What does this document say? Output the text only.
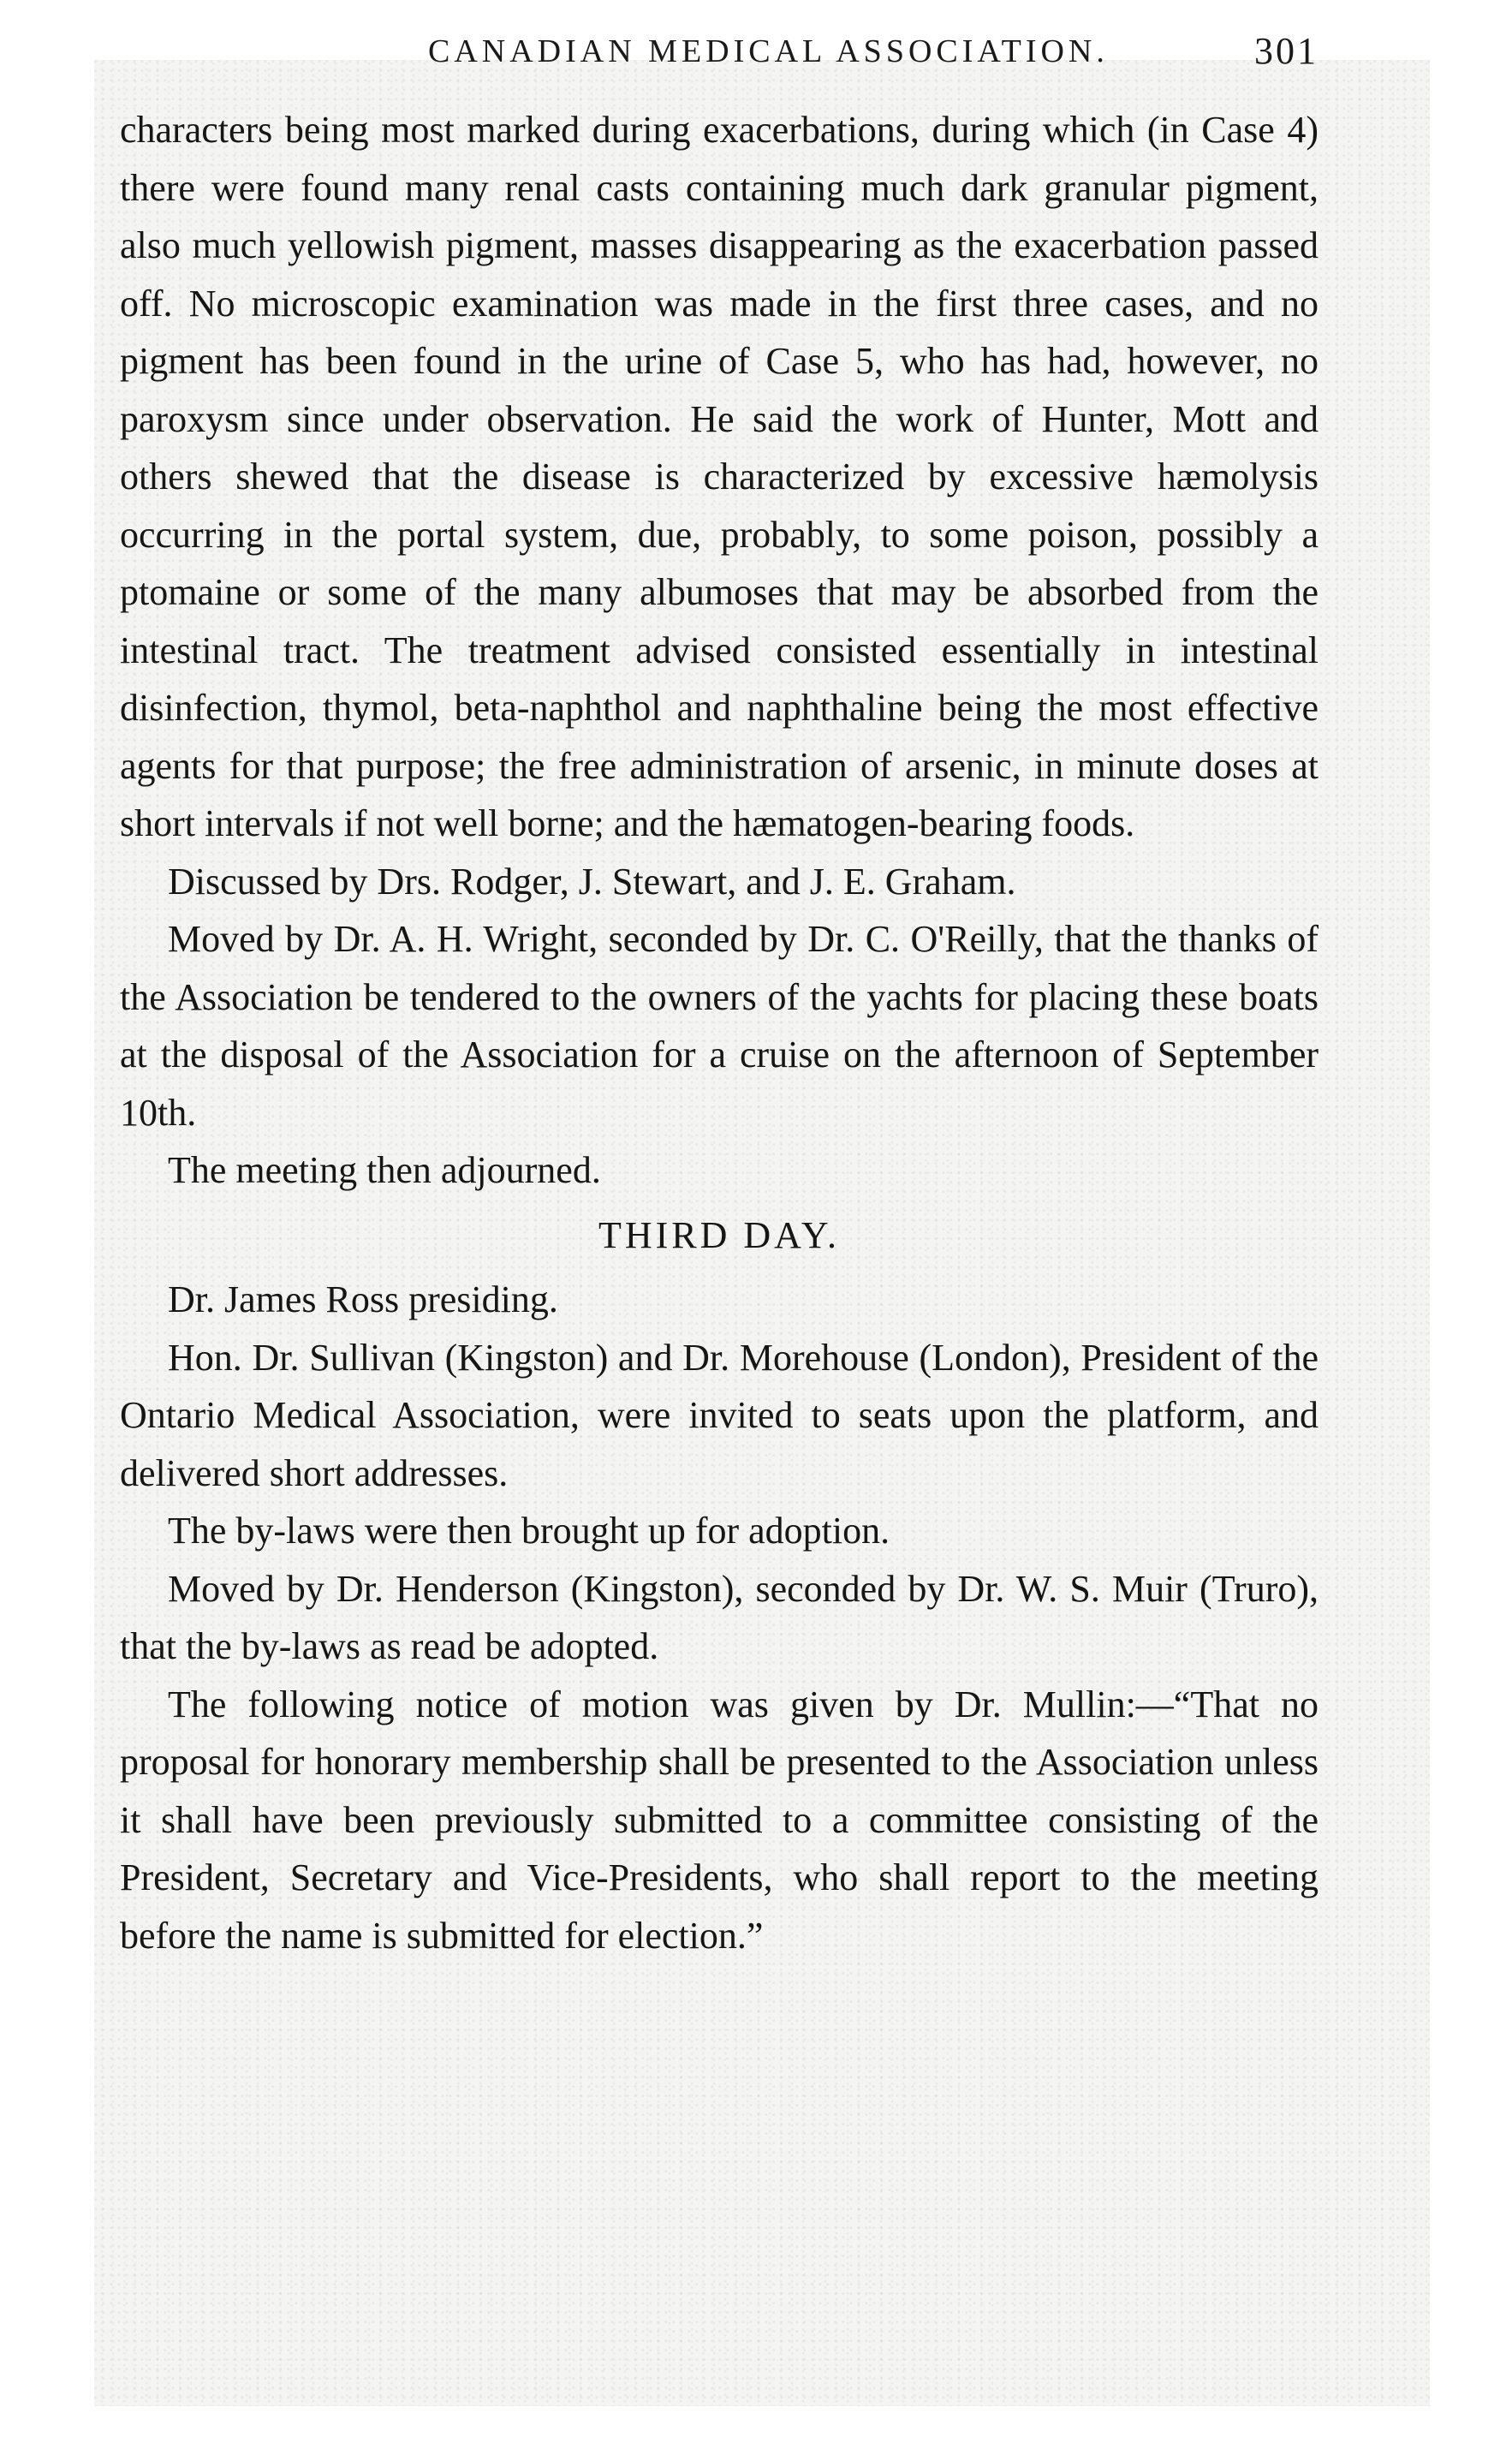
CANADIAN MEDICAL ASSOCIATION.	301

characters being most marked during exacerbations, during which (in Case 4) there were found many renal casts containing much dark granular pigment, also much yellowish pigment, masses disappearing as the exacerbation passed off. No microscopic examination was made in the first three cases, and no pigment has been found in the urine of Case 5, who has had, however, no paroxysm since under observation. He said the work of Hunter, Mott and others shewed that the disease is characterized by excessive hæmolysis occurring in the portal system, due, probably, to some poison, possibly a ptomaine or some of the many albumoses that may be absorbed from the intestinal tract. The treatment advised consisted essentially in intestinal disinfection, thymol, beta-naphthol and naphthaline being the most effective agents for that purpose; the free administration of arsenic, in minute doses at short intervals if not well borne; and the hæmatogen-bearing foods.

Discussed by Drs. Rodger, J. Stewart, and J. E. Graham.

Moved by Dr. A. H. Wright, seconded by Dr. C. O'Reilly, that the thanks of the Association be tendered to the owners of the yachts for placing these boats at the disposal of the Association for a cruise on the afternoon of September 10th.

The meeting then adjourned.

THIRD DAY.

Dr. James Ross presiding.

Hon. Dr. Sullivan (Kingston) and Dr. Morehouse (London), President of the Ontario Medical Association, were invited to seats upon the platform, and delivered short addresses.

The by-laws were then brought up for adoption.

Moved by Dr. Henderson (Kingston), seconded by Dr. W. S. Muir (Truro), that the by-laws as read be adopted.

The following notice of motion was given by Dr. Mullin:—“That no proposal for honorary membership shall be presented to the Association unless it shall have been previously submitted to a committee consisting of the President, Secretary and Vice-Presidents, who shall report to the meeting before the name is submitted for election.”
